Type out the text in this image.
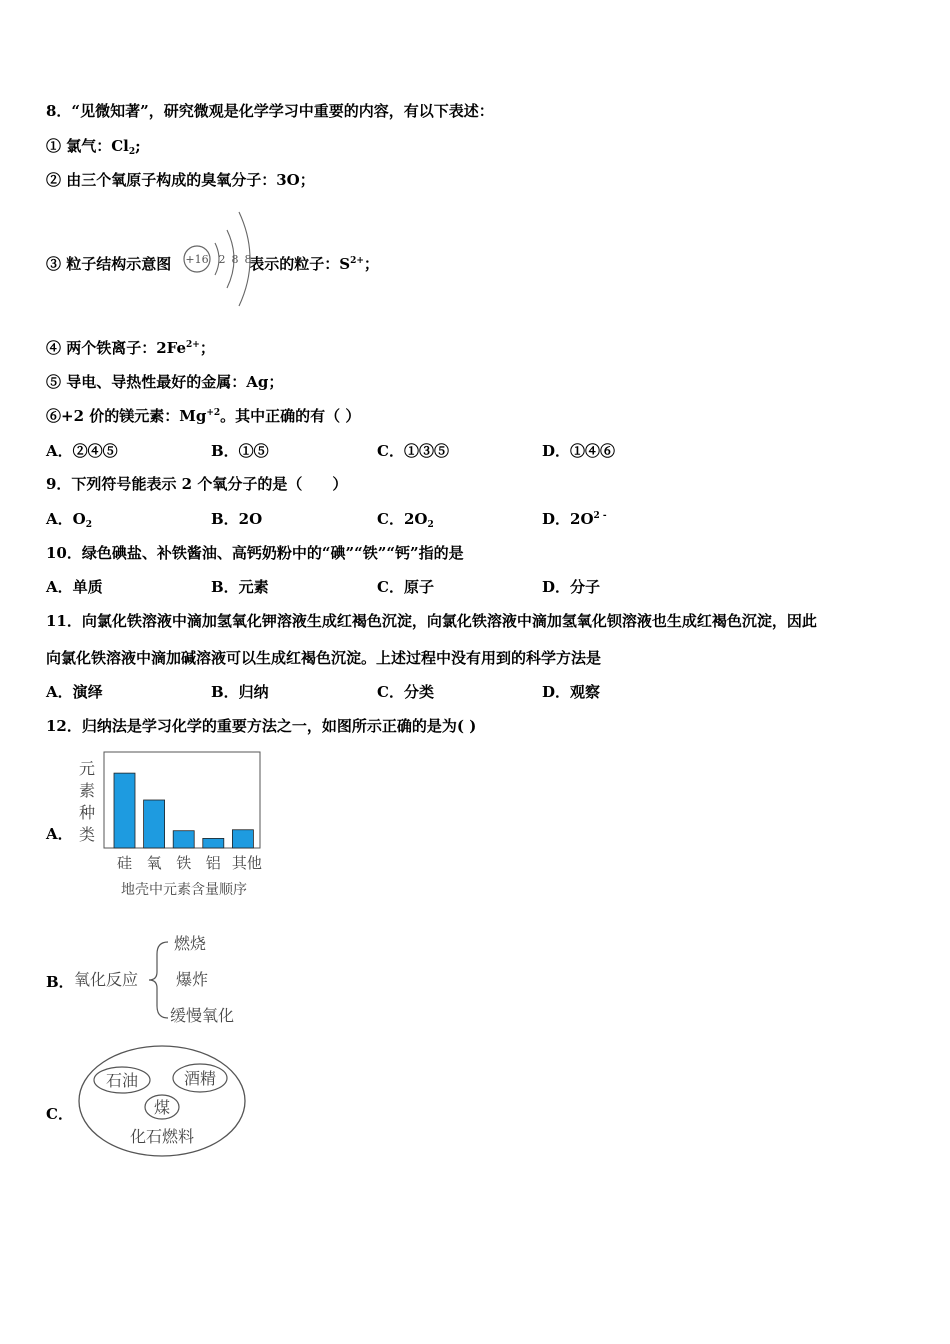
8．“见微知著”，研究微观是化学学习中重要的内容，有以下表述：
① 氯气：$Cl_2$;
② 由三个氧原子构成的臭氧分子：3O；
③ 粒子结构示意图	表示的粒子：$S^{2+}$；
+16 2 8 8
④ 两个铁离子：$2Fe^{2+}$；
⑤ 导电、导热性最好的金属：Ag；
⑥+2 价的镁元素：$Mg^{+2}$。其中正确的有（ ）
A．②④⑤	B．①⑤	C．①③⑤	D．①④⑥
9．下列符号能表示 2 个氧分子的是（　　）
A．$O_2$	B．2O	C．$2O_2$	D．$2O^{2 -}$
10．绿色碘盐、补铁酱油、高钙奶粉中的“碘”“铁”“钙”指的是
A．单质	B．元素	C．原子	D．分子
11．向氯化铁溶液中滴加氢氧化钾溶液生成红褐色沉淀，向氯化铁溶液中滴加氢氧化钡溶液也生成红褐色沉淀，因此
向氯化铁溶液中滴加碱溶液可以生成红褐色沉淀。上述过程中没有用到的科学方法是
A．演绎	B．归纳	C．分类	D．观察
12．归纳法是学习化学的重要方法之一，如图所示正确的是为( )
A．
元
素
种
类
硅 氧 铁 铝 其他
地壳中元素含量顺序
B． 氧化反应
燃烧
爆炸
缓慢氧化
C．
石油	酒精
煤
化石燃料
